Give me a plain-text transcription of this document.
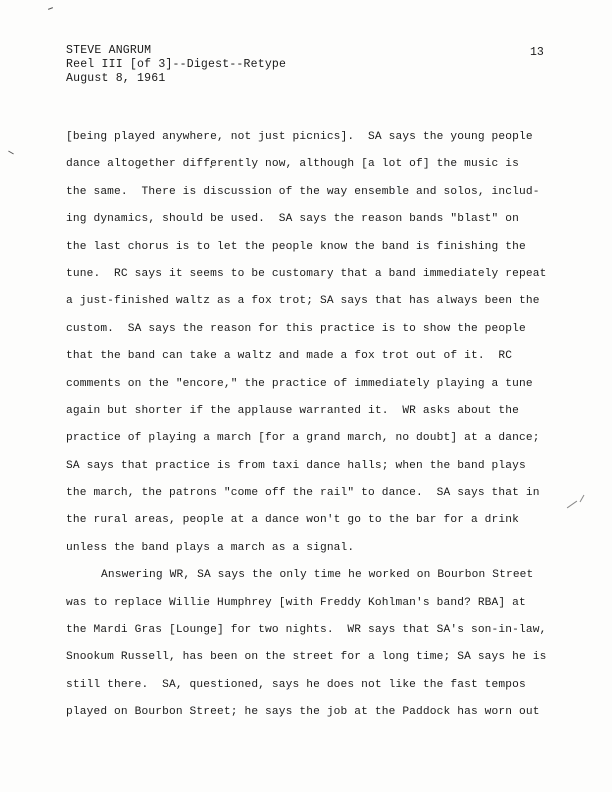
STEVE ANGRUM
Reel III [of 3]--Digest--Retype
August 8, 1961
13
[being played anywhere, not just picnics].  SA says the young people
dance altogether differently now, although [a lot of] the music is
the same.  There is discussion of the way ensemble and solos, includ-
ing dynamics, should be used.  SA says the reason bands "blast" on
the last chorus is to let the people know the band is finishing the
tune.  RC says it seems to be customary that a band immediately repeat
a just-finished waltz as a fox trot; SA says that has always been the
custom.  SA says the reason for this practice is to show the people
that the band can take a waltz and made a fox trot out of it.  RC
comments on the "encore," the practice of immediately playing a tune
again but shorter if the applause warranted it.  WR asks about the
practice of playing a march [for a grand march, no doubt] at a dance;
SA says that practice is from taxi dance halls; when the band plays
the march, the patrons "come off the rail" to dance.  SA says that in
the rural areas, people at a dance won't go to the bar for a drink
unless the band plays a march as a signal.
Answering WR, SA says the only time he worked on Bourbon Street
was to replace Willie Humphrey [with Freddy Kohlman's band? RBA] at
the Mardi Gras [Lounge] for two nights.  WR says that SA's son-in-law,
Snookum Russell, has been on the street for a long time; SA says he is
still there.  SA, questioned, says he does not like the fast tempos
played on Bourbon Street; he says the job at the Paddock has worn out
